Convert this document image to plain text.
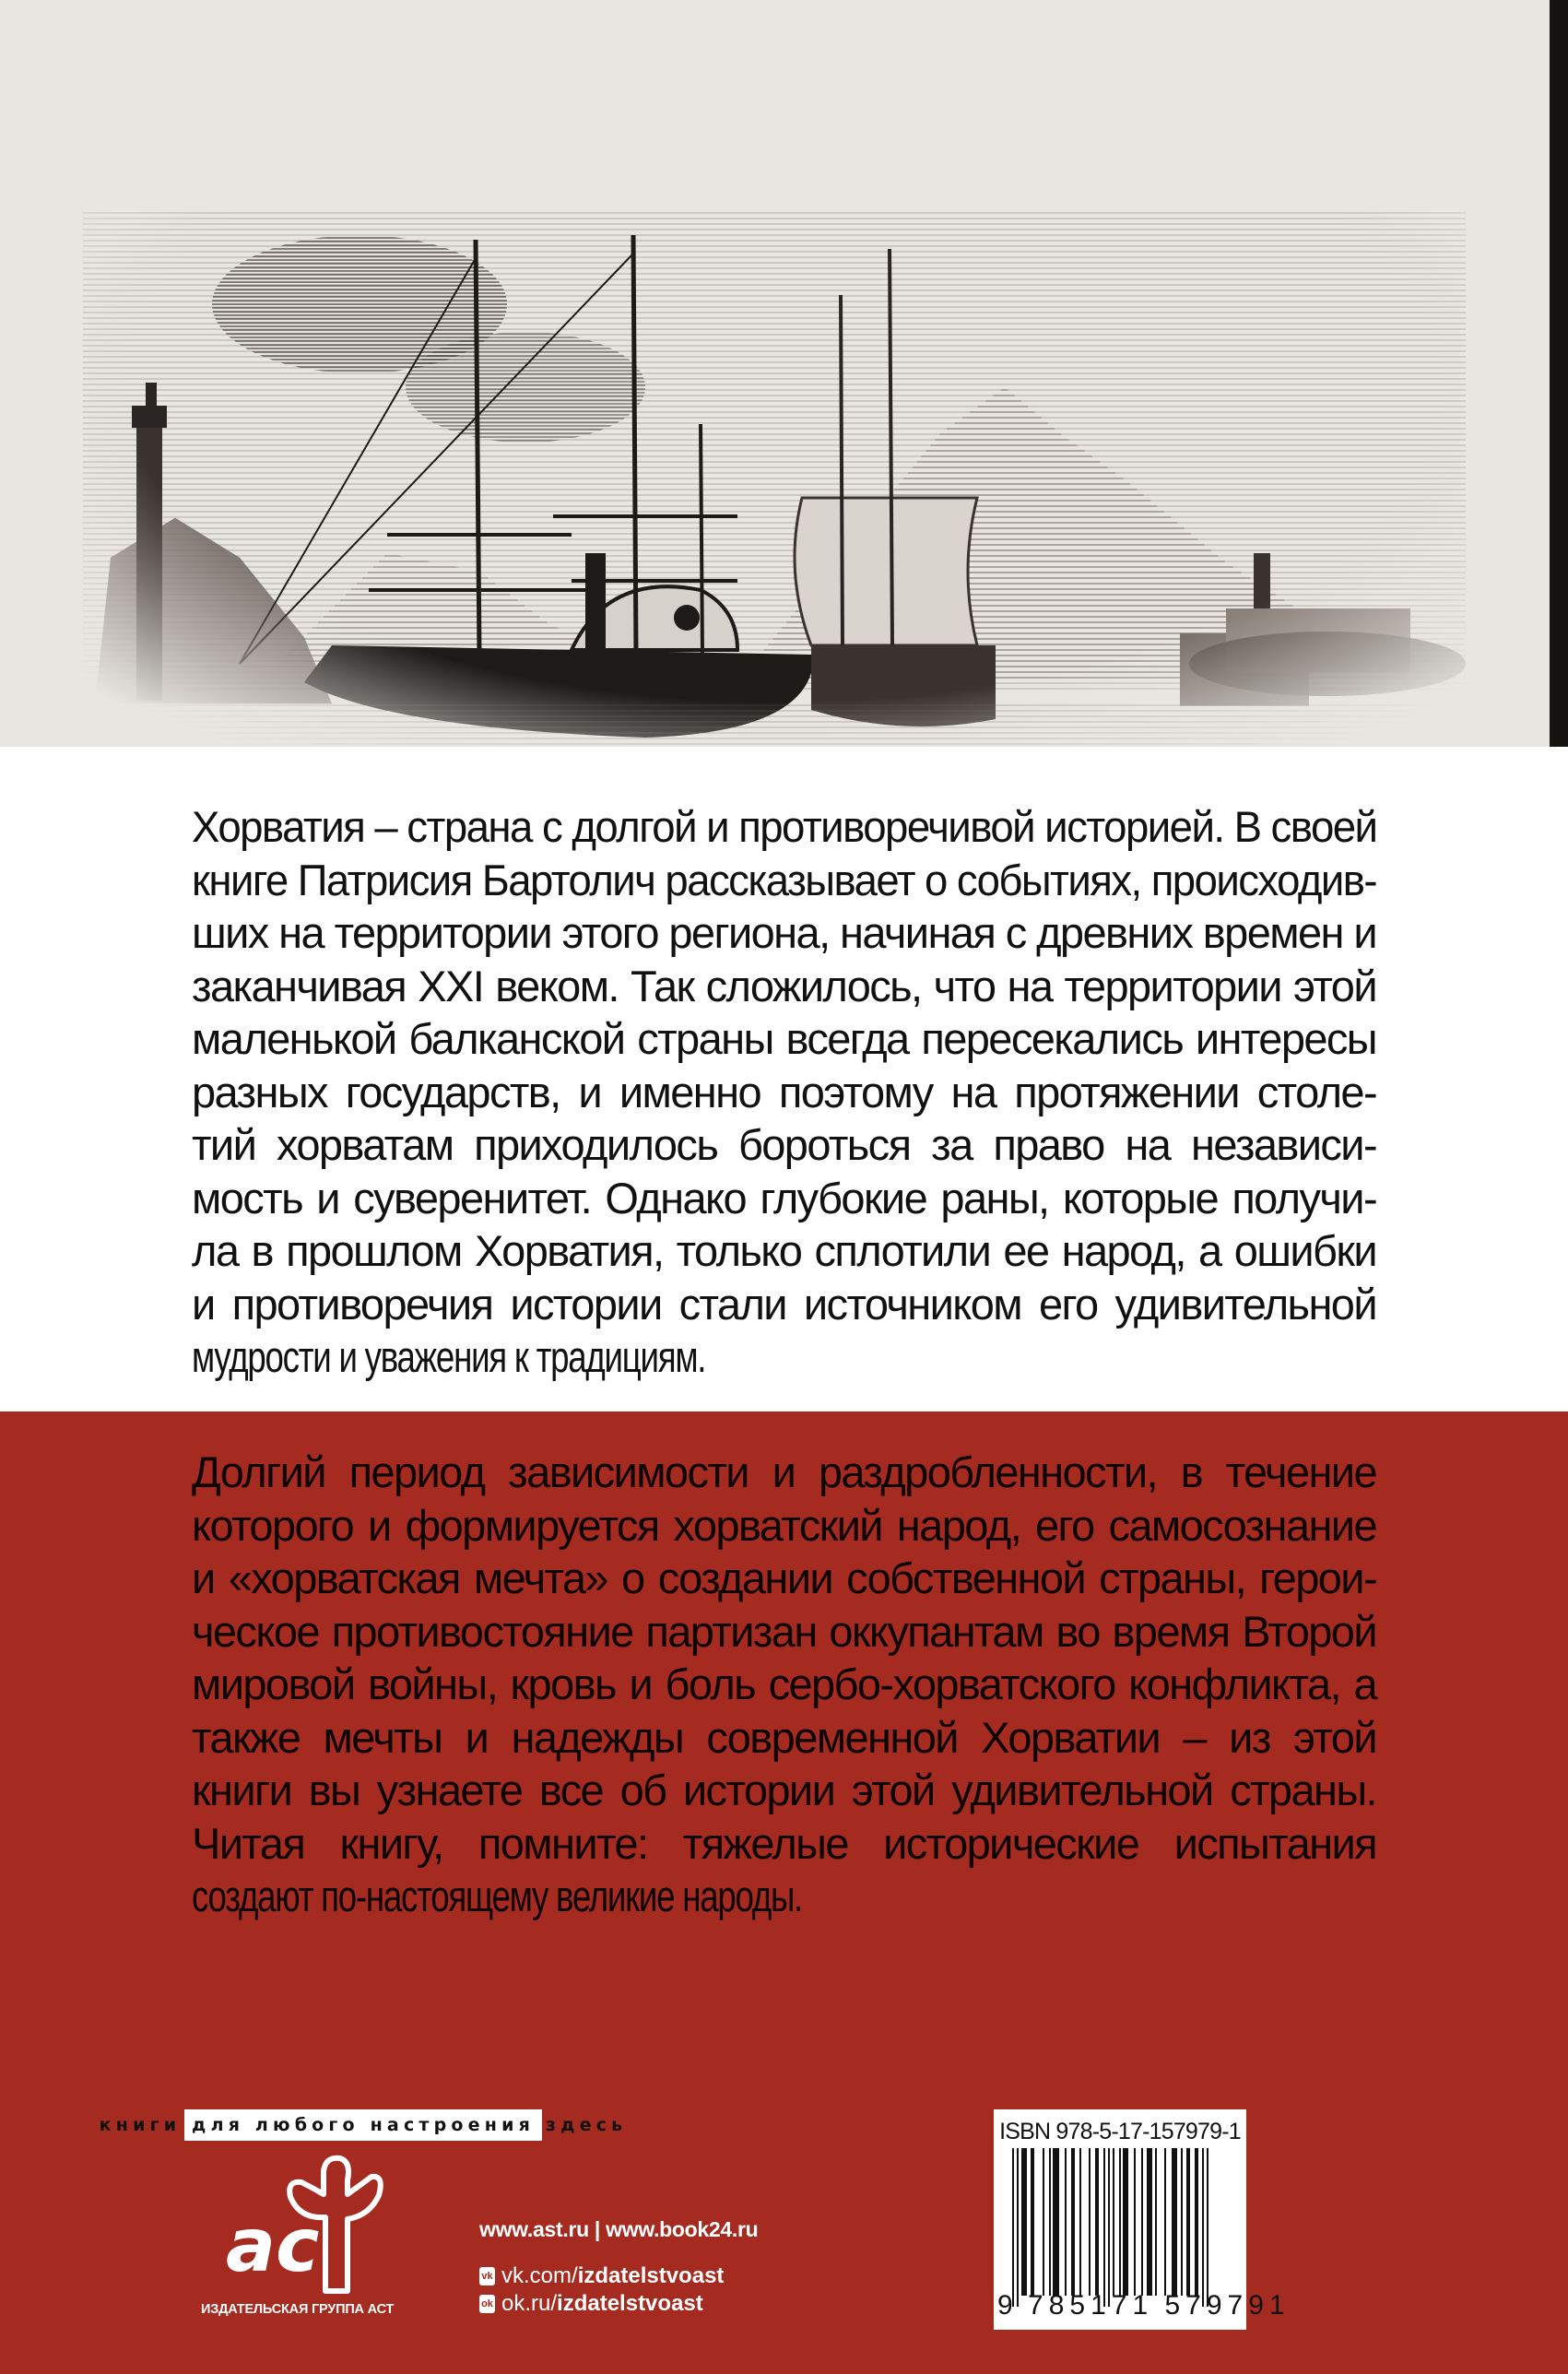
Хорватия – страна с долгой и противоречивой историей. В своей
книге Патрисия Бартолич рассказывает о событиях, происходив-
ших на территории этого региона, начиная с древних времен и
заканчивая XXI веком. Так сложилось, что на территории этой
маленькой балканской страны всегда пересекались интересы
разных государств, и именно поэтому на протяжении столе-
тий хорватам приходилось бороться за право на независи-
мость и суверенитет. Однако глубокие раны, которые получи-
ла в прошлом Хорватия, только сплотили ее народ, а ошибки
и противоречия истории стали источником его удивительной
мудрости и уважения к традициям.

Долгий период зависимости и раздробленности, в течение
которого и формируется хорватский народ, его самосознание
и «хорватская мечта» о создании собственной страны, герои-
ческое противостояние партизан оккупантам во время Второй
мировой войны, кровь и боль сербо-хорватского конфликта, а
также мечты и надежды современной Хорватии – из этой
книги вы узнаете все об истории этой удивительной страны.
Читая книгу, помните: тяжелые исторические испытания
создают по-настоящему великие народы.

книги для любого настроения здесь
ac
ИЗДАТЕЛЬСКАЯ ГРУППА АСТ
www.ast.ru | www.book24.ru
vk vk.com/ izdatelstvoast
ok ok.ru/ izdatelstvoast
ISBN 978-5-17-157979-1
9 785171 579791
